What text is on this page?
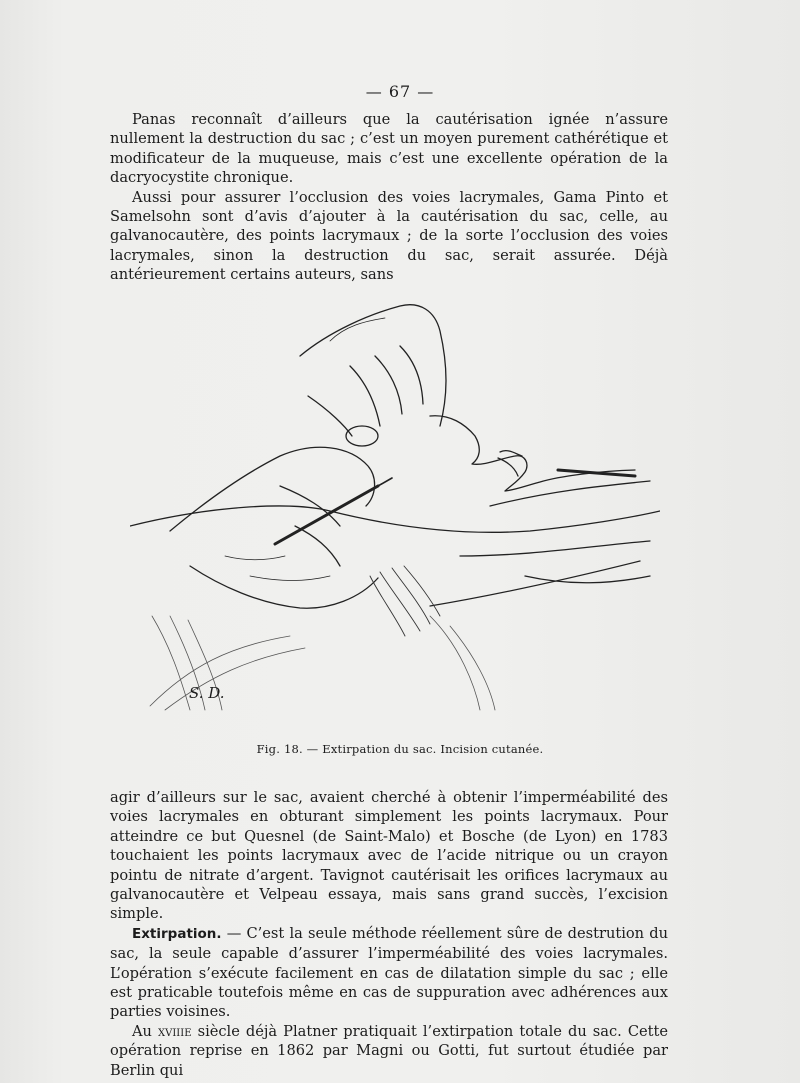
— 67 —

Panas reconnaît d’ailleurs que la cautérisation ignée n’assure nullement la destruction du sac ; c’est un moyen purement cathérétique et modificateur de la muqueuse, mais c’est une excellente opération de la dacryocystite chronique.

Aussi pour assurer l’occlusion des voies lacrymales, Gama Pinto et Samelsohn sont d’avis d’ajouter à la cautérisation du sac, celle, au galvanocautère, des points lacrymaux ; de la sorte l’occlusion des voies lacrymales, sinon la destruction du sac, serait assurée. Déjà antérieurement certains auteurs, sans

S. D.
Fig. 18. — Extirpation du sac. Incision cutanée.

agir d’ailleurs sur le sac, avaient cherché à obtenir l’imperméabilité des voies lacrymales en obturant simplement les points lacrymaux. Pour atteindre ce but Quesnel (de Saint-Malo) et Bosche (de Lyon) en 1783 touchaient les points lacrymaux avec de l’acide nitrique ou un crayon pointu de nitrate d’argent. Tavignot cautérisait les orifices lacrymaux au galvanocautère et Velpeau essaya, mais sans grand succès, l’excision simple.

Extirpation. — C’est la seule méthode réellement sûre de destrution du sac, la seule capable d’assurer l’imperméabilité des voies lacrymales. L’opération s’exécute facilement en cas de dilatation simple du sac ; elle est praticable toutefois même en cas de suppuration avec adhérences aux parties voisines.

Au xviiie siècle déjà Platner pratiquait l’extirpation totale du sac. Cette opération reprise en 1862 par Magni ou Gotti, fut surtout étudiée par Berlin qui
